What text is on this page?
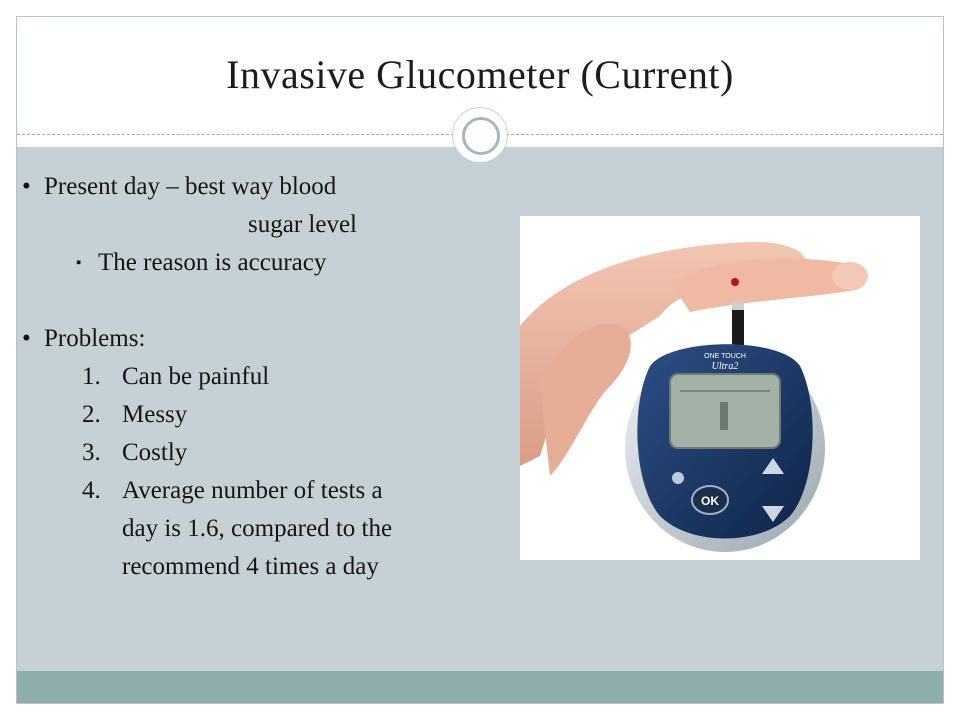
Invasive Glucometer (Current)
• Present day – best way blood
sugar level
▪ The reason is accuracy
• Problems:
1. Can be painful
2. Messy
3. Costly
4. Average number of tests a
day is 1.6, compared to the
recommend 4 times a day
ONE TOUCH
Ultra2
OK
